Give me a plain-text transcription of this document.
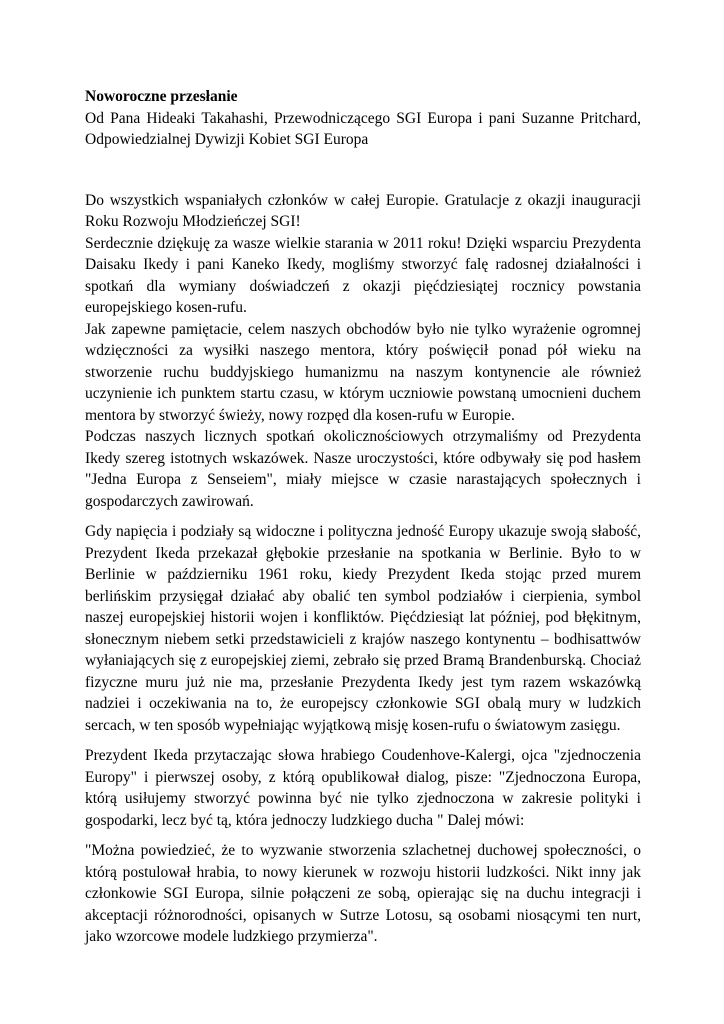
Noworoczne przesłanie

Od Pana Hideaki Takahashi, Przewodniczącego SGI Europa i pani Suzanne Pritchard, Odpowiedzialnej Dywizji Kobiet SGI Europa

Do wszystkich wspaniałych członków w całej Europie. Gratulacje z okazji inauguracji Roku Rozwoju Młodzieńczej SGI!

Serdecznie dziękuję za wasze wielkie starania w 2011 roku! Dzięki wsparciu Prezydenta Daisaku Ikedy i pani Kaneko Ikedy, mogliśmy stworzyć falę radosnej działalności i spotkań dla wymiany doświadczeń z okazji pięćdziesiątej rocznicy powstania europejskiego kosen-rufu.

Jak zapewne pamiętacie, celem naszych obchodów było nie tylko wyrażenie ogromnej wdzięczności za wysiłki naszego mentora, który poświęcił ponad pół wieku na stworzenie ruchu buddyjskiego humanizmu na naszym kontynencie ale również uczynienie ich punktem startu czasu, w którym uczniowie powstaną umocnieni duchem mentora by stworzyć świeży, nowy rozpęd dla kosen-rufu w Europie.

Podczas naszych licznych spotkań okolicznościowych otrzymaliśmy od Prezydenta Ikedy szereg istotnych wskazówek. Nasze uroczystości, które odbywały się pod hasłem "Jedna Europa z Senseiem", miały miejsce w czasie narastających społecznych i gospodarczych zawirowań.

Gdy napięcia i podziały są widoczne i polityczna jedność Europy ukazuje swoją słabość, Prezydent Ikeda przekazał głębokie przesłanie na spotkania w Berlinie. Było to w Berlinie w październiku 1961 roku, kiedy Prezydent Ikeda stojąc przed murem berlińskim przysięgał działać aby obalić ten symbol podziałów i cierpienia, symbol naszej europejskiej historii wojen i konfliktów. Pięćdziesiąt lat później, pod błękitnym, słonecznym niebem setki przedstawicieli z krajów naszego kontynentu – bodhisattwów wyłaniających się z europejskiej ziemi, zebrało się przed Bramą Brandenburską. Chociaż fizyczne muru już nie ma, przesłanie Prezydenta Ikedy jest tym razem wskazówką nadziei i oczekiwania na to, że europejscy członkowie SGI obalą mury w ludzkich sercach, w ten sposób wypełniając wyjątkową misję kosen-rufu o światowym zasięgu.

Prezydent Ikeda przytaczając słowa hrabiego Coudenhove-Kalergi, ojca "zjednoczenia Europy" i pierwszej osoby, z którą opublikował dialog, pisze: "Zjednoczona Europa, którą usiłujemy stworzyć powinna być nie tylko zjednoczona w zakresie polityki i gospodarki, lecz być tą, która jednoczy ludzkiego ducha " Dalej mówi:

"Można powiedzieć, że to wyzwanie stworzenia szlachetnej duchowej społeczności, o którą postulował hrabia, to nowy kierunek w rozwoju historii ludzkości. Nikt inny jak członkowie SGI Europa, silnie połączeni ze sobą, opierając się na duchu integracji i akceptacji różnorodności, opisanych w Sutrze Lotosu, są osobami niosącymi ten nurt, jako wzorcowe modele ludzkiego przymierza".
